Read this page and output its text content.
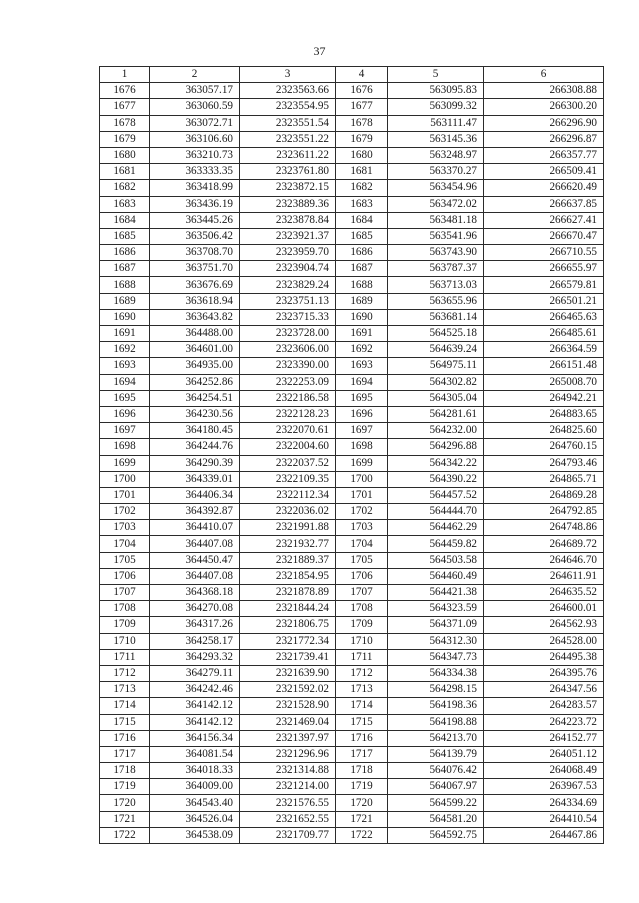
37
1	2	3	4	5	6
1676	363057.17	2323563.66	1676	563095.83	266308.88
1677	363060.59	2323554.95	1677	563099.32	266300.20
1678	363072.71	2323551.54	1678	563111.47	266296.90
1679	363106.60	2323551.22	1679	563145.36	266296.87
1680	363210.73	2323611.22	1680	563248.97	266357.77
1681	363333.35	2323761.80	1681	563370.27	266509.41
1682	363418.99	2323872.15	1682	563454.96	266620.49
1683	363436.19	2323889.36	1683	563472.02	266637.85
1684	363445.26	2323878.84	1684	563481.18	266627.41
1685	363506.42	2323921.37	1685	563541.96	266670.47
1686	363708.70	2323959.70	1686	563743.90	266710.55
1687	363751.70	2323904.74	1687	563787.37	266655.97
1688	363676.69	2323829.24	1688	563713.03	266579.81
1689	363618.94	2323751.13	1689	563655.96	266501.21
1690	363643.82	2323715.33	1690	563681.14	266465.63
1691	364488.00	2323728.00	1691	564525.18	266485.61
1692	364601.00	2323606.00	1692	564639.24	266364.59
1693	364935.00	2323390.00	1693	564975.11	266151.48
1694	364252.86	2322253.09	1694	564302.82	265008.70
1695	364254.51	2322186.58	1695	564305.04	264942.21
1696	364230.56	2322128.23	1696	564281.61	264883.65
1697	364180.45	2322070.61	1697	564232.00	264825.60
1698	364244.76	2322004.60	1698	564296.88	264760.15
1699	364290.39	2322037.52	1699	564342.22	264793.46
1700	364339.01	2322109.35	1700	564390.22	264865.71
1701	364406.34	2322112.34	1701	564457.52	264869.28
1702	364392.87	2322036.02	1702	564444.70	264792.85
1703	364410.07	2321991.88	1703	564462.29	264748.86
1704	364407.08	2321932.77	1704	564459.82	264689.72
1705	364450.47	2321889.37	1705	564503.58	264646.70
1706	364407.08	2321854.95	1706	564460.49	264611.91
1707	364368.18	2321878.89	1707	564421.38	264635.52
1708	364270.08	2321844.24	1708	564323.59	264600.01
1709	364317.26	2321806.75	1709	564371.09	264562.93
1710	364258.17	2321772.34	1710	564312.30	264528.00
1711	364293.32	2321739.41	1711	564347.73	264495.38
1712	364279.11	2321639.90	1712	564334.38	264395.76
1713	364242.46	2321592.02	1713	564298.15	264347.56
1714	364142.12	2321528.90	1714	564198.36	264283.57
1715	364142.12	2321469.04	1715	564198.88	264223.72
1716	364156.34	2321397.97	1716	564213.70	264152.77
1717	364081.54	2321296.96	1717	564139.79	264051.12
1718	364018.33	2321314.88	1718	564076.42	264068.49
1719	364009.00	2321214.00	1719	564067.97	263967.53
1720	364543.40	2321576.55	1720	564599.22	264334.69
1721	364526.04	2321652.55	1721	564581.20	264410.54
1722	364538.09	2321709.77	1722	564592.75	264467.86
